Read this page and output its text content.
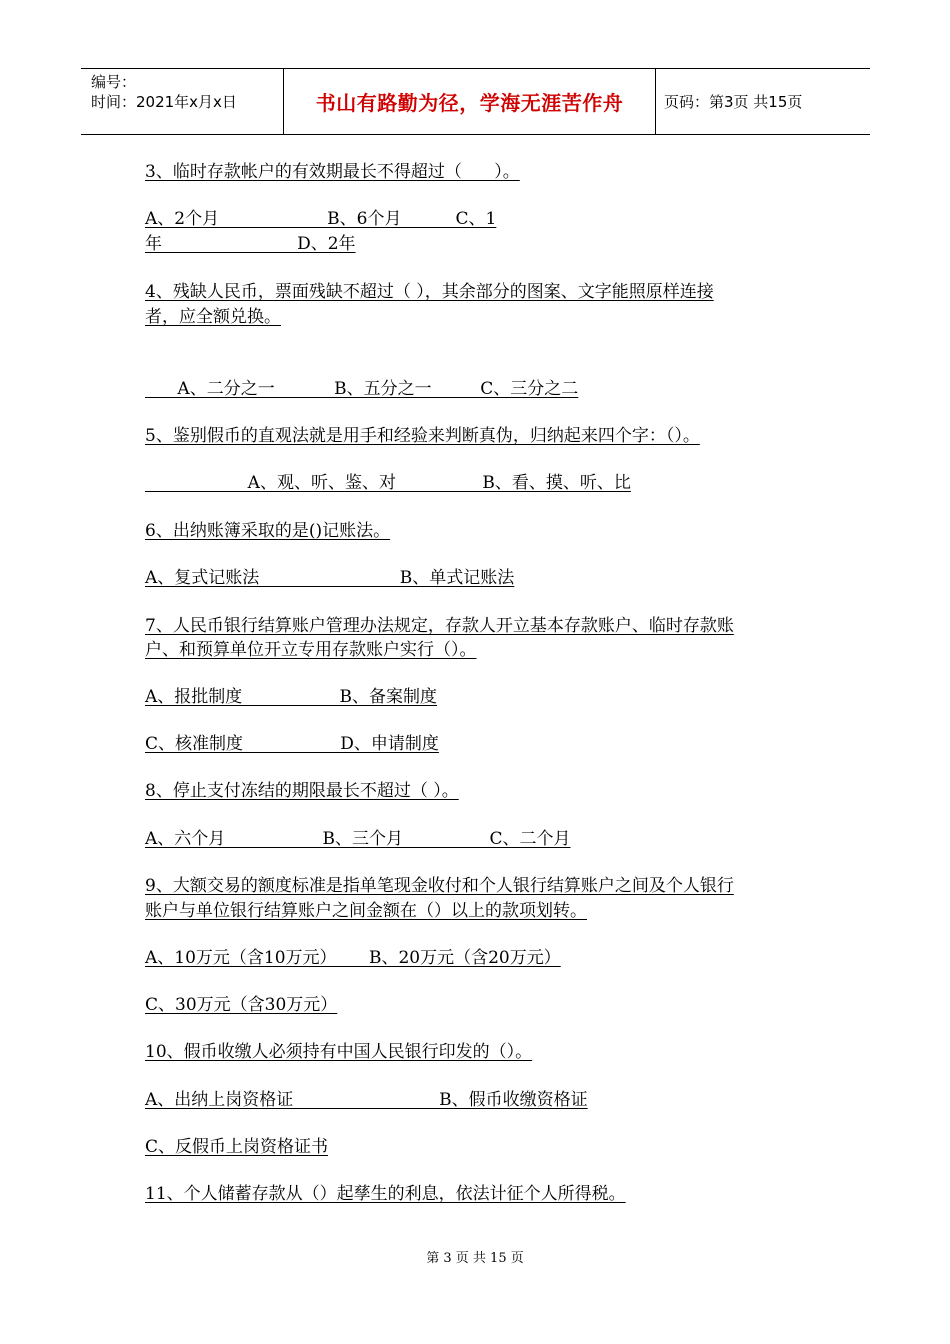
编号：
时间：2021年x月x日	书山有路勤为径，学海无涯苦作舟	页码：第3页 共15页
3、临时存款帐户的有效期最长不得超过（      ）。
A、2个月                    B、6个月          C、1
年                         D、2年
4、残缺人民币，票面残缺不超过（ ），其余部分的图案、文字能照原样连接
者，应全额兑换。
A、二分之一           B、五分之一         C、三分之二
5、鉴别假币的直观法就是用手和经验来判断真伪，归纳起来四个字：（）。
A、观、听、鉴、对                B、看、摸、听、比
6、出纳账簿采取的是()记账法。
A、复式记账法                          B、单式记账法
7、人民币银行结算账户管理办法规定，存款人开立基本存款账户、临时存款账
户、和预算单位开立专用存款账户实行（）。
A、报批制度                  B、备案制度
C、核准制度                  D、申请制度
8、停止支付冻结的期限最长不超过（ ）。
A、六个月                  B、三个月                C、二个月
9、大额交易的额度标准是指单笔现金收付和个人银行结算账户之间及个人银行
账户与单位银行结算账户之间金额在（）以上的款项划转。
A、10万元（含10万元）      B、20万元（含20万元）
C、30万元（含30万元）
10、假币收缴人必须持有中国人民银行印发的（）。
A、出纳上岗资格证                           B、假币收缴资格证
C、反假币上岗资格证书
11、个人储蓄存款从（）起孳生的利息，依法计征个人所得税。
第 3 页 共 15 页
